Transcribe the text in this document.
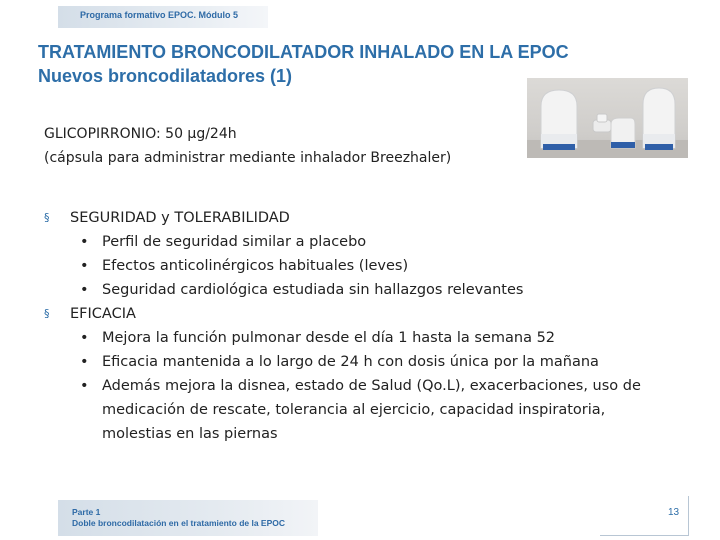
Programa formativo EPOC. Módulo 5
TRATAMIENTO BRONCODILATADOR INHALADO EN LA EPOC
Nuevos broncodilatadores (1)
GLICOPIRRONIO: 50 µg/24h
(cápsula para administrar mediante inhalador Breezhaler)
§ SEGURIDAD y TOLERABILIDAD
• Perfil de seguridad similar a placebo
• Efectos anticolinérgicos habituales (leves)
• Seguridad cardiológica estudiada sin hallazgos relevantes
§ EFICACIA
• Mejora la función pulmonar desde el día 1 hasta la semana 52
• Eficacia mantenida a lo largo de 24 h con dosis única por la mañana
• Además mejora la disnea, estado de Salud (Qo.L), exacerbaciones, uso de medicación de rescate, tolerancia al ejercicio, capacidad inspiratoria, molestias en las piernas
Parte 1
Doble broncodilatación en el tratamiento de la EPOC
13
